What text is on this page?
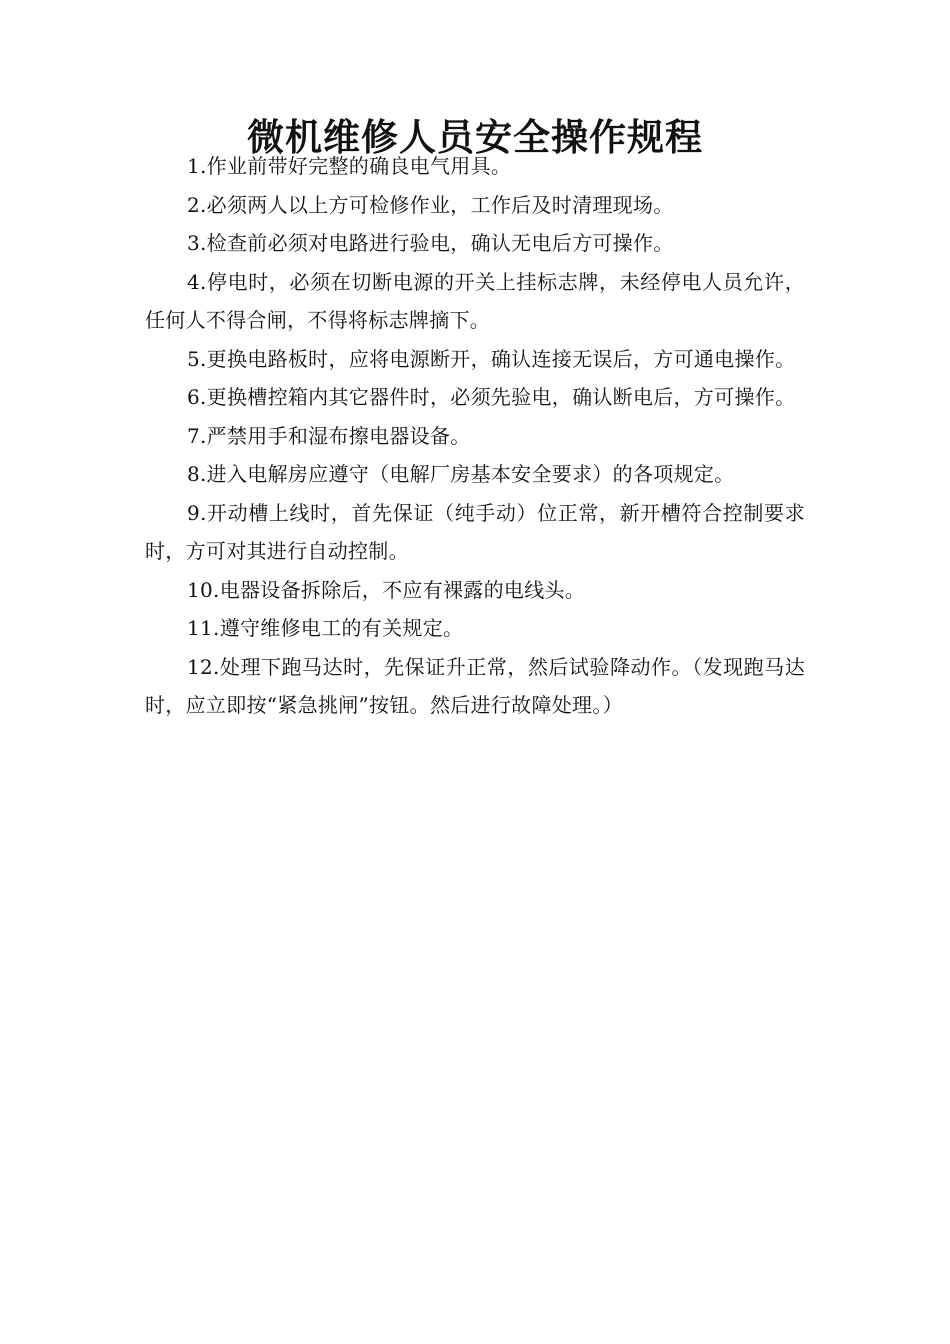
微机维修人员安全操作规程

1.作业前带好完整的确良电气用具。

2.必须两人以上方可检修作业，工作后及时清理现场。

3.检查前必须对电路进行验电，确认无电后方可操作。

4.停电时，必须在切断电源的开关上挂标志牌，未经停电人员允许，任何人不得合闸，不得将标志牌摘下。

5.更换电路板时，应将电源断开，确认连接无误后，方可通电操作。

6.更换槽控箱内其它器件时，必须先验电，确认断电后，方可操作。

7.严禁用手和湿布擦电器设备。

8.进入电解房应遵守（电解厂房基本安全要求）的各项规定。

9.开动槽上线时，首先保证（纯手动）位正常，新开槽符合控制要求时，方可对其进行自动控制。

10.电器设备拆除后，不应有裸露的电线头。

11.遵守维修电工的有关规定。

12.处理下跑马达时，先保证升正常，然后试验降动作。（发现跑马达时，应立即按“紧急挑闸”按钮。然后进行故障处理。）
